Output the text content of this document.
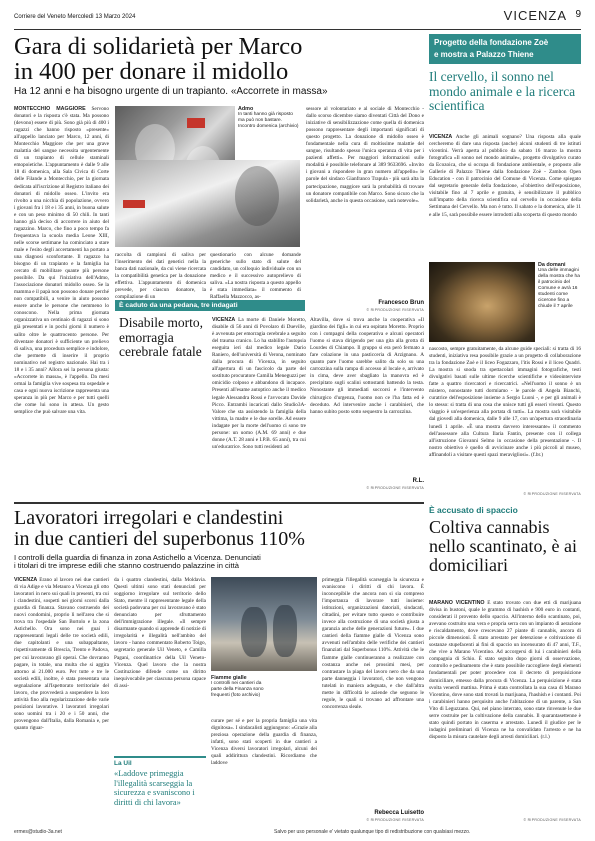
Corriere del Veneto Mercoledì 13 Marzo 2024	VICENZA 9
Gara di solidarietà per Marco
in 400 per donare il midollo
Ha 12 anni e ha bisogno urgente di un trapianto. «Accorrete in massa»
MONTECCHIO MAGGIORE Servono donatori e la risposta c'è stata. Ma possono (devono) essere di più. Sono già più di 400 i ragazzi che hanno risposto «presente» all'appello lanciato per Marco, 12 anni, di Montecchio Maggiore che per una grave malattia del sangue necessita urgentemente di un trapianto di cellule staminali emopoietiche. L'appuntamento è dalle 9 alle 18 di domenica, alla Sala Civica di Corte delle Filande a Montecchio, per la giornata dedicata all'iscrizione al Registro italiano dei donatori di midollo osseo. L'invito era rivolto a una nicchia di popolazione, ovvero i giovani fra i 18 e i 35 anni, in buona salute e con un peso minimo di 50 chili. In tanti hanno già deciso di accorrere in aiuto del ragazzino. Marco, che fino a poco tempo fa frequentava la scuola media Leone XIII, nelle scorse settimane ha cominciato a stare male e l'esito degli accertamenti ha portato a una diagnosi sconfortante. Il ragazzo ha bisogno di un trapianto e la famiglia ha cercato di mobilitare quante più persone possibile. Da qui l'iniziativa dell'Admo, l'associazione donatori midollo osseo. Se la mamma e il papà non possono donare perché non compatibili, a venire in aiuto possono essere anche le persone che nemmeno lo conoscono. Nella prima giornata organizzativa un centinaio di ragazzi si sono già presentati e in pochi giorni il numero è salito oltre le quattrocento persone. Per diventare donatori è sufficiente un prelievo di saliva, una procedura semplice e indolore, che permette di inserire il proprio nominativo nel registro nazionale. Hai tra i 18 e i 35 anni? Allora sei la persona giusta: «Accorrete in massa», è l'appello. Da mesi ormai la famiglia vive sospesa tra ospedale e casa e ogni nuova iscrizione rappresenta una speranza in più per Marco e per tutti quelli che come lui sono in attesa. Un gesto semplice che può salvare una vita.
Admo
In tanti hanno già risposto ma può non bastare. Incontro domenica (archivio)
raccolta di campioni di saliva per l'inserimento dei dati genetici nella la banca dati nazionale, da cui viene ricercata la compatibilità genetica per la donazione effettiva. L'appuntamento di domenica prevede, per ciascun donatore, la compilazione di un
questionario con alcune domande generiche sullo stato di salute del candidato, un colloquio individuale con un medico e il successivo autoprelievo di saliva. «La nostra risposta a questo appello è stata immediata» il commento di Raffaella Mazzocco, as-
sessore al volontariato e al sociale di Montecchio - dallo scorso dicembre siamo diventati Città del Dono e iniziative di sensibilizzazione come quella di domenica possono rappresentare degli importanti significati di questo progetto. La donazione di midollo osseo è fondamentale nella cura di moltissime malattie del sangue, risultando spesso l'unica speranza di vita per i pazienti affetti». Per maggiori informazioni sulle modalità è possibile telefonare al 389 9633696. «Invito i giovani a rispondere in gran numero all'appello» le parole del sindaco Gianfranco Trapula - più sarà alta la partecipazione, maggiore sarà la probabilità di trovare un donatore compatibile con Marco. Sono sicuro che la solidarietà, anche in questa occasione, sarà notevole».
Francesco Brun
© RIPRODUZIONE RISERVATA
È caduto da una pedana, tre indagati
Disabile morto, emorragia cerebrale fatale
VICENZA La morte di Daniele Moretto, disabile di 56 anni di Povolaro di Dueville, è avvenuta per emorragia cerebrale a seguito del trauma cranico. Lo ha stabilito l'autopsia eseguita ieri dal medico legale Dario Raniero, dell'università di Verona, nominato dalla procura di Vicenza, in seguito all'apertura di un fascicolo da parte del sostituto procuratore Camilla Meneguzzi per omicidio colposo e abbandono di incapace. Presenti all'esame autoptico anche il medico legale Alessandra Rossi e l'avvocato Davide Picco. Entrambi incaricati dallo Studio3A-Valore che sta assistendo la famiglia della vittima, la madre e le due sorelle. Ad essere indagate per la morte dell'uomo ci sono tre persone: un uomo (A.M. 69 anni) e due donne (A.T. 28 anni e I.P.B. 65 anni), tra cui un'educatrice. Sono tutti residenti ad
Altavilla, dove si trova anche la cooperativa «Il giardino dei figli» in cui era ospitato Moretto. Proprio con i compagni della cooperativa e alcuni operatori l'uomo si stava dirigendo per una gita alla grotta di Lourdes di Chiampo. Il gruppo si era però fermato a fare colazione in una pasticceria di Arzignano. A quanto pare l'uomo sarebbe salito da solo su una carrozzina sulla rampa di accesso al locale e, arrivato in cima, deve aver sbagliato la manovra ed è precipitato sugli scalini sottostanti battendo la testa. Nonostante gli immediati soccorsi e l'intervento chirurgico d'urgenza, l'uomo non ce l'ha fatta ed è deceduto. Ad intervenire anche i carabinieri, che hanno subito posto sotto sequestro la carrozzina.
R.L.
© RIPRODUZIONE RISERVATA
Progetto della fondazione Zoè
e mostra a Palazzo Thiene
Il cervello, il sonno nel mondo animale e la ricerca scientifica
VICENZA Anche gli animali sognano? Una risposta alla quale cercheremo di dare una risposta (anche) alcuni studenti di tre istituti vicentini. Verrà aperta al pubblico da sabato 16 marzo la mostra fotografica «Il sonno nel mondo animale», progetto divulgativo curato da Ecozoica, che si occupa di fondazione ambientale, e proposto alle Gallerie di Palazzo Thiene dalla fondazione Zoè - Zambon Open Education - con il patrocinio del Comune di Vicenza. Come spiegato dal segretario generale della fondazione, «l'obiettivo dell'esposizione, visitabile fino al 7 aprile e gratuita, è sensibilizzare il pubblico sull'impatto della ricerca scientifica sul cervello in occasione della Settimana del Cervello. Ma non è tutto. Il sabato e la domenica, alle 11 e alle 15, sarà possibile essere introdotti alla scoperta di questo mondo
Da domani
Una delle immagini della mostra che ha il patrocinio del Comune e avrà 16 studenti come cicerone fino a chiude il 7 aprile
nascosto, sempre gratuitamente, da alcune guide speciali: si tratta di 16 studenti, iniziativa resa possibile grazie a un progetto di collaborazione tra la fondazione Zoè e il liceo Fogazzaro, l'itis Rossi e il liceo Quadri. La mostra si snoda tra spettacolari immagini fotografiche, testi divulgativi basati sulle ultime ricerche scientifiche e videointerviste fatte a quattro ricercatori e ricercatrici. «Nell'uomo il sonno è un mistero, nonostante tutti dormiamo - le parole di Angela Bianchi, curatrice dell'esposizione insieme a Sergio Luoni -, e per gli animali è lo stesso: si tratta di una cosa che unisce tutti gli esseri viventi. Questo viaggio è un'esperienza alla portata di tutti». La mostra sarà visitabile dal giovedì alla domenica, dalle 9 alle 17, con un'apertura straordinaria lunedì 1 aprile. «È una mostra davvero interessante» il commento dell'assessore alla Cultura Ilaria Fantin, presente con il collega all'istruzione Giovanni Selmo in occasione della presentazione -. Il nostro obiettivo è quello di avvicinare anche i più piccoli al museo, affinandoli a visitare questi spazi meravigliosi». (f.br.)
© RIPRODUZIONE RISERVATA
Lavoratori irregolari e clandestini
in due cantieri del superbonus 110%
I controlli della guardia di finanza in zona Astichello a Vicenza. Denunciati
i titolari di tre imprese edili che stanno costruendo palazzine in città
VICENZA Erano al lavoro nei due cantieri di via Adige e via Metauro a Vicenza gli otto lavoratori in nero sui quali in presenti, tra cui i clandestini, sospetti nei giorni scorsi dalla guardia di finanza. Stavano costruendo dei nuovi condomini, proprio lì nell'area che si trova tra l'ospedale San Bortolo e la zona Astichello. Ora sono nei guai i rappresentanti legali delle tre società edili, due capitolanti e una subappaltante, rispettivamente di Brescia, Trento e Padova, per cui lavoravano gli operai. Che dovranno pagare, in totale, una multa che si aggira attorno ai 21.000 euro. Per tutte e tre le società edili, inoltre, è stata presentata una segnalazione all'Ispettorato territoriale del lavoro, che provvederà a sospendere la loro attività fino alla regolarizzazione delle varie posizioni lavorative. I lavoratori irregolari sono uomini tra i 20 e i 50 anni, che provengono dall'Italia, dalla Romania e, per quanto riguar-
da i quattro clandestini, dalla Moldavia. Questi ultimi sono stati denunciati per soggiorno irregolare sul territorio dello Stato, mentre il rappresentante legale della società padovana per cui lavoravano è stato denunciato per sfruttamento dell'immigrazione illegale. «Il sempre disarmante quando si apprende di notizie di irregolarità e illegalità nell'ambito del lavoro - hanno commentato Roberto Toigo, segretario generale Uil Veneto, e Camilla Pagani, coordinatrice della Uil Veneto-Vicenza. Quel lavoro che la nostra Costituzione difende come un diritto inequivocabile per ciascuna persona capace di assi-
La Uil
«Laddove primeggia l'illegalità scarseggia la sicurezza e svaniscono i diritti di chi lavora»
Fiamme gialle
I controlli nei cantieri da parte della Finanza sono frequenti (foto archivio)
curare per sé e per la propria famiglia una vita dignitosa». I sindacalisti aggiungono: «Grazie alla preziosa operazione della guardia di finanza, infatti, sono stati scoperti in due cantieri a Vicenza diversi lavoratori irregolari, alcuni dei quali addirittura clandestini. Ricordiamo che laddove
primeggia l'illegalità scarseggia la sicurezza e svaniscono i diritti di chi lavora. È inconcepibile che ancora non si sia compreso l'importanza di lavorare tutti insieme: istituzioni, organizzazioni datoriali, sindacati, cittadini, per evitare tutto questo e contribuire invece alla costruzione di una società giusta a garanzia anche delle generazioni future». I due cantieri della fiamme gialle di Vicenza sono avvenuti nell'ambito delle verifiche dei cantieri finanziati dal Superbonus 110%. Attività che le fiamme gialle continueranno a realizzare con costanza anche nei prossimi mesi, per contrastare la piaga del lavoro nero che da una parte danneggia i lavoratori, che non vengono tutelati in maniera adeguata, e che dall'altra mette in difficoltà le aziende che seguono le regole, le quali si trovano ad affrontare una concorrenza sleale.
Rebecca Luisetto
© RIPRODUZIONE RISERVATA
È accusato di spaccio
Coltiva cannabis nello scantinato, è ai domiciliari
MARANO VICENTINO È stato trovato con due etti di marijuana divisa in bustoni, quale le grammo di hashish e 900 euro in contanti, considerati il provento dello spaccio. All'interno dello scantinato, poi, avevano costruito una vera e propria serra con un impianto di aerazione e riscaldamento, dove crescevano 27 piante di cannabis, ancora di piccole dimensioni. È stato arrestato per detenzione e coltivazione di sostanze stupefacenti ai fini di spaccio un incensurato di 47 anni, T.F., che vive a Marano Vicentino. Ad accorgersi di lui i carabinieri della compagnia di Schio. È stato seguito dopo giorni di osservazione, controllo e pedinamento che è stato possibile raccogliere degli elementi fondamentali per poter procedere con il decreto di perquisizione domiciliare, emesso dalla procura di Vicenza. La perquisizione è stata svolta venerdì mattina. Prima è stata controllata la sua casa di Marano Vicentino, dove sono stati trovati la marijuana, l'hashish e i contanti. Poi i carabinieri hanno perquisito anche l'abitazione di un parente, a San Vito di Leguzzano. Qui, nel piano interrato, sono state rinvenute le due serre costruite per la coltivazione della cannabis. Il quarantasettenne è stato quindi portato in caserma e arrestato. Lunedì il giudice per le indagini preliminari di Vicenza ne ha convalidato l'arresto e ne ha disposto la misura cautelare degli arresti domiciliari. (r.l.)
© RIPRODUZIONE RISERVATA
ermes@studio-3a.net	Salvo per uso personale e' vietato qualunque tipo di redistribuzione con qualsiasi mezzo.
